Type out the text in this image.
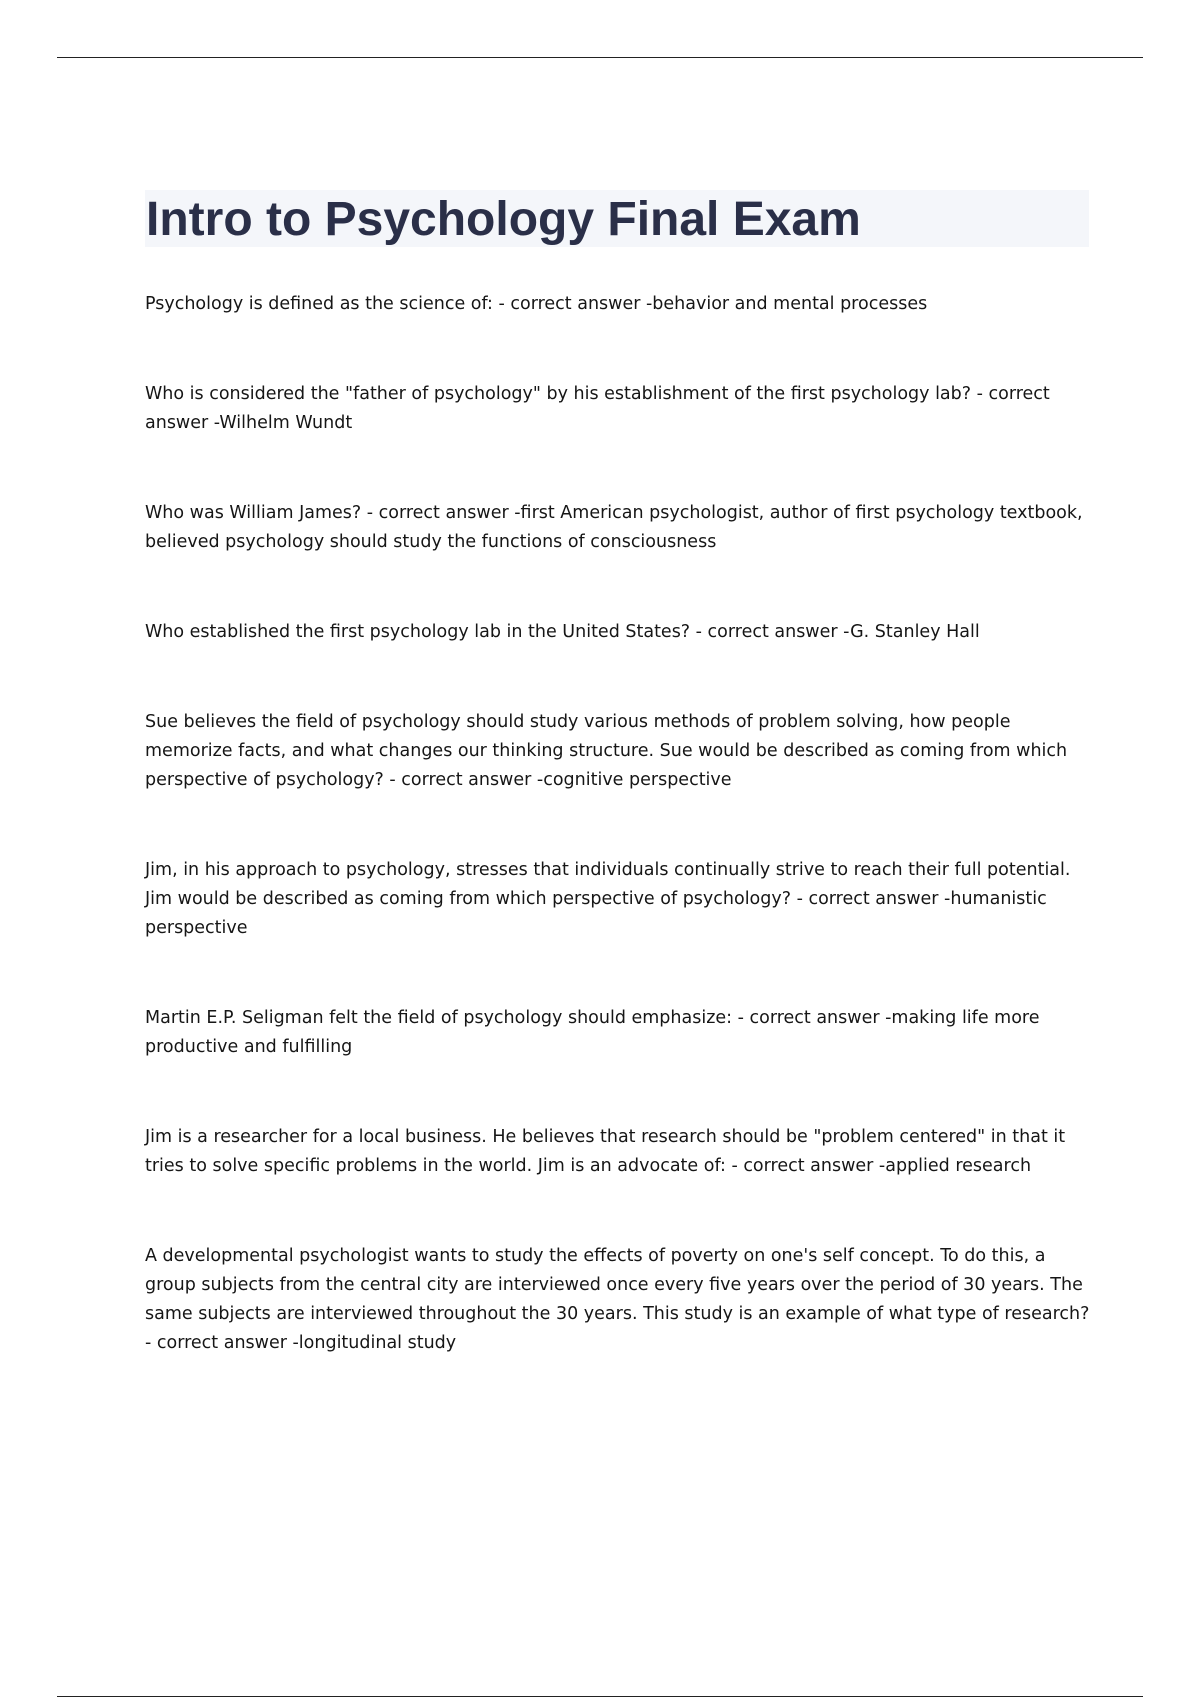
Intro to Psychology Final Exam
Psychology is defined as the science of: - correct answer -behavior and mental processes
Who is considered the "father of psychology" by his establishment of the first psychology lab? - correct answer -Wilhelm Wundt
Who was William James? - correct answer -first American psychologist, author of first psychology textbook, believed psychology should study the functions of consciousness
Who established the first psychology lab in the United States? - correct answer -G. Stanley Hall
Sue believes the field of psychology should study various methods of problem solving, how people memorize facts, and what changes our thinking structure. Sue would be described as coming from which perspective of psychology? - correct answer -cognitive perspective
Jim, in his approach to psychology, stresses that individuals continually strive to reach their full potential. Jim would be described as coming from which perspective of psychology? - correct answer -humanistic perspective
Martin E.P. Seligman felt the field of psychology should emphasize: - correct answer -making life more productive and fulfilling
Jim is a researcher for a local business. He believes that research should be "problem centered" in that it tries to solve specific problems in the world. Jim is an advocate of: - correct answer -applied research
A developmental psychologist wants to study the effects of poverty on one's self concept. To do this, a group subjects from the central city are interviewed once every five years over the period of 30 years. The same subjects are interviewed throughout the 30 years. This study is an example of what type of research? - correct answer -longitudinal study
